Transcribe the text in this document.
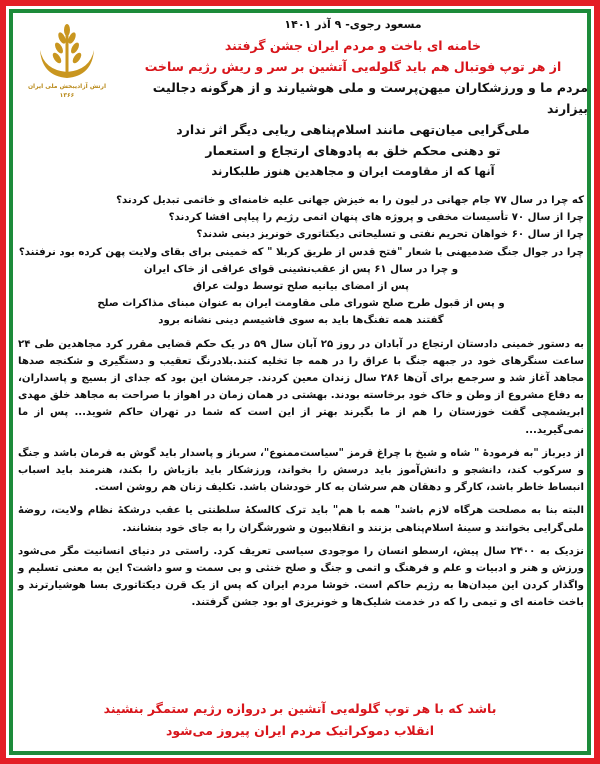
ارتش آزادیبخش ملی ایران
۱۳۶۶
مسعود رجوی- ۹ آذر ۱۴۰۱

خامنه ای باخت و مردم ایران جشن گرفتند

از هر توپ فوتبال هم باید گلوله‌یی آتشین بر سر و ریش رژیم ساخت

مردم ما و ورزشکاران میهن‌پرست و ملی هوشیارند و از هرگونه دجالیت بیزارند

ملی‌گرایی میان‌تهی مانند اسلام‌پناهی ریایی دیگر اثر ندارد

تو دهنی محکم خلق به پادوهای ارتجاع و استعمار

آنها که از مقاومت ایران و مجاهدین هنوز طلبکارند

که چرا در سال ۷۷ جام جهانی در لیون را به خیزش جهانی علیه خامنه‌ای و خاتمی تبدیل کردند؟

چرا از سال ۷۰ تأسیسات مخفی و پروژه های پنهان اتمی رژیم را پیاپی افشا کردند؟

چرا از سال ۶۰ خواهان تحریم نفتی و تسلیحاتی دیکتاتوری خونریز دینی شدند؟

چرا در جوال جنگ ضدمیهنی با شعار "فتح قدس از طریق کربلا " که خمینی برای بقای ولایت پهن کرده بود نرفتند؟

و چرا در سال ۶۱ پس از عقب‌نشینی قوای عراقی از خاک ایران

پس از امضای بیانیه صلح توسط دولت عراق

و پس از قبول طرح صلح شورای ملی مقاومت ایران به عنوان مبنای مذاکرات صلح

گفتند همه تفنگ‌ها باید به سوی فاشیسم دینی نشانه برود

به دستور خمینی دادستان ارتجاع در آبادان در روز ۲۵ آبان سال ۵۹ در یک حکم قضایی مقرر کرد مجاهدین طی ۲۴ ساعت سنگرهای خود در جبهه جنگ با عراق را در همه جا تخلیه کنند.بلادرنگ تعقیب و دستگیری و شکنجه صدها مجاهد آغاز شد و سرجمع برای آن‌ها ۲۸۶ سال زندان معین کردند. جرمشان این بود که جدای از بسیج و پاسداران، به دفاع مشروع از وطن و خاک خود برخاسته بودند. بهشتی در همان زمان در اهواز با صراحت به مجاهد خلق مهدی ابریشمچی گفت خوزستان را هم از ما بگیرند بهتر از این است که شما در تهران حاکم شوید... پس از ما نمی‌گیرید...

از دیرباز "به فرمودهٔ " شاه و شیخ با چراغ قرمز "سیاست‌ممنوع"، سرباز و پاسدار باید گوش به فرمان باشد و جنگ و سرکوب کند، دانشجو و دانش‌آموز باید درسش را بخواند، ورزشکار باید بازیاش را بکند، هنرمند باید اسباب انبساط خاطر باشد، کارگر و دهقان هم سرشان به کار خودشان باشد. تکلیف زنان هم روشن است.

البته بنا به مصلحت هرگاه لازم باشد" همه با هم" باید ترک کالسکهٔ سلطنتی یا عقب درشکهٔ نظام ولایت، روضهٔ ملی‌گرایی بخوانند و سینهٔ اسلام‌پناهی بزنند و انقلابیون و شورشگران را به جای خود بنشانند.

نزدیک به ۲۴۰۰ سال پیش، ارسطو انسان را موجودی سیاسی تعریف کرد. راستی در دنیای انسانیت مگر می‌شود ورزش و هنر و ادبیات و علم و فرهنگ و اتمی و جنگ و صلح خنثی و بی سمت و سو داشت؟ این به معنی تسلیم و واگذار کردن این میدان‌ها به رژیم حاکم است. خوشا مردم ایران که پس از یک قرن دیکتاتوری بسا هوشیارترند و باخت خامنه ای و تیمی را که در خدمت شلیک‌ها و خونریزی او بود جشن گرفتند.

باشد که با هر توپ گلوله‌یی آتشین بر دروازه رژیم ستمگر بنشیند

انقلاب دموکراتیک مردم ایران پیروز می‌شود
